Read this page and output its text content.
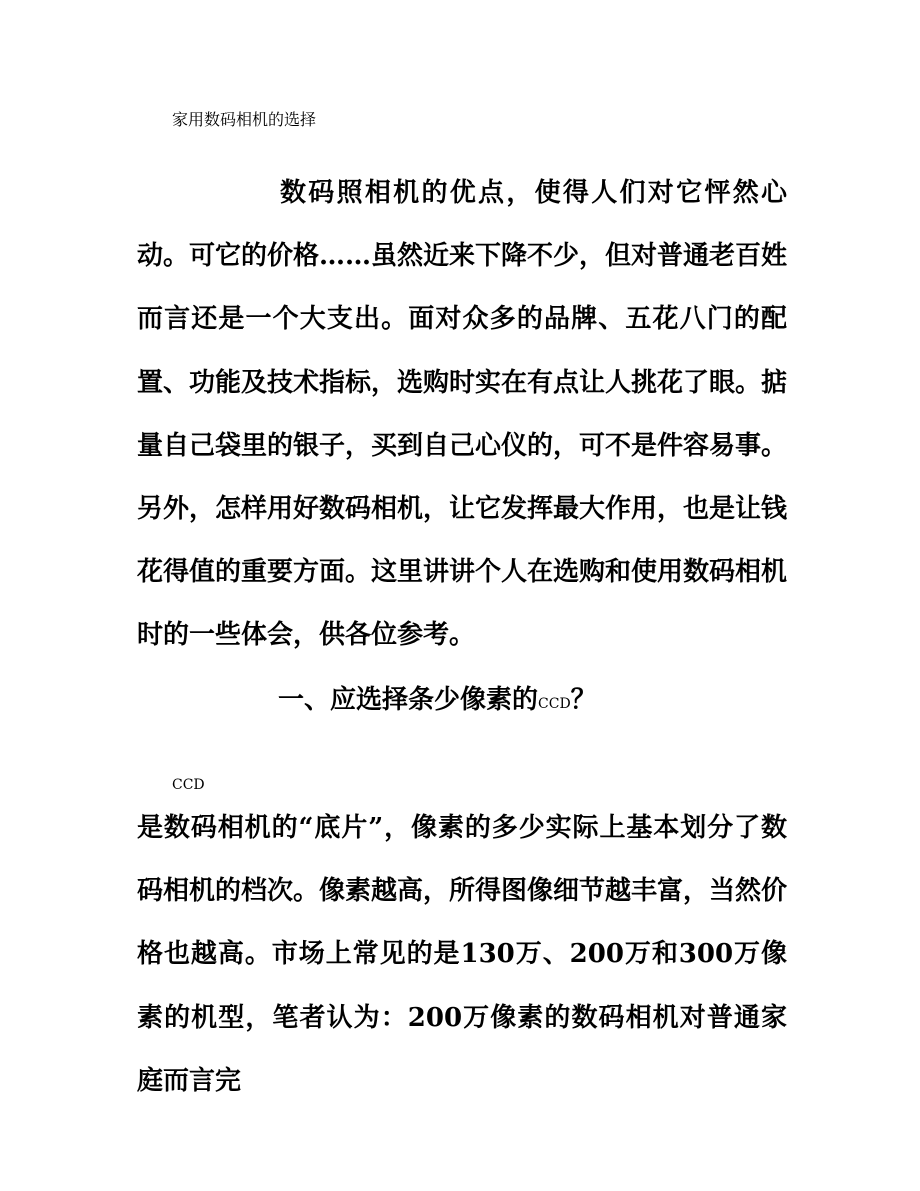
家用数码相机的选择

数码照相机的优点，使得人们对它怦然心动。可它的价格……虽然近来下降不少，但对普通老百姓而言还是一个大支出。面对众多的品牌、五花八门的配置、功能及技术指标，选购时实在有点让人挑花了眼。掂量自己袋里的银子，买到自己心仪的，可不是件容易事。另外，怎样用好数码相机，让它发挥最大作用，也是让钱花得值的重要方面。这里讲讲个人在选购和使用数码相机时的一些体会，供各位参考。

一、应选择条少像素的CCD？
CCD

是数码相机的“底片”，像素的多少实际上基本划分了数码相机的档次。像素越高，所得图像细节越丰富，当然价格也越高。市场上常见的是130万、200万和300万像素的机型，笔者认为：200万像素的数码相机对普通家庭而言完
